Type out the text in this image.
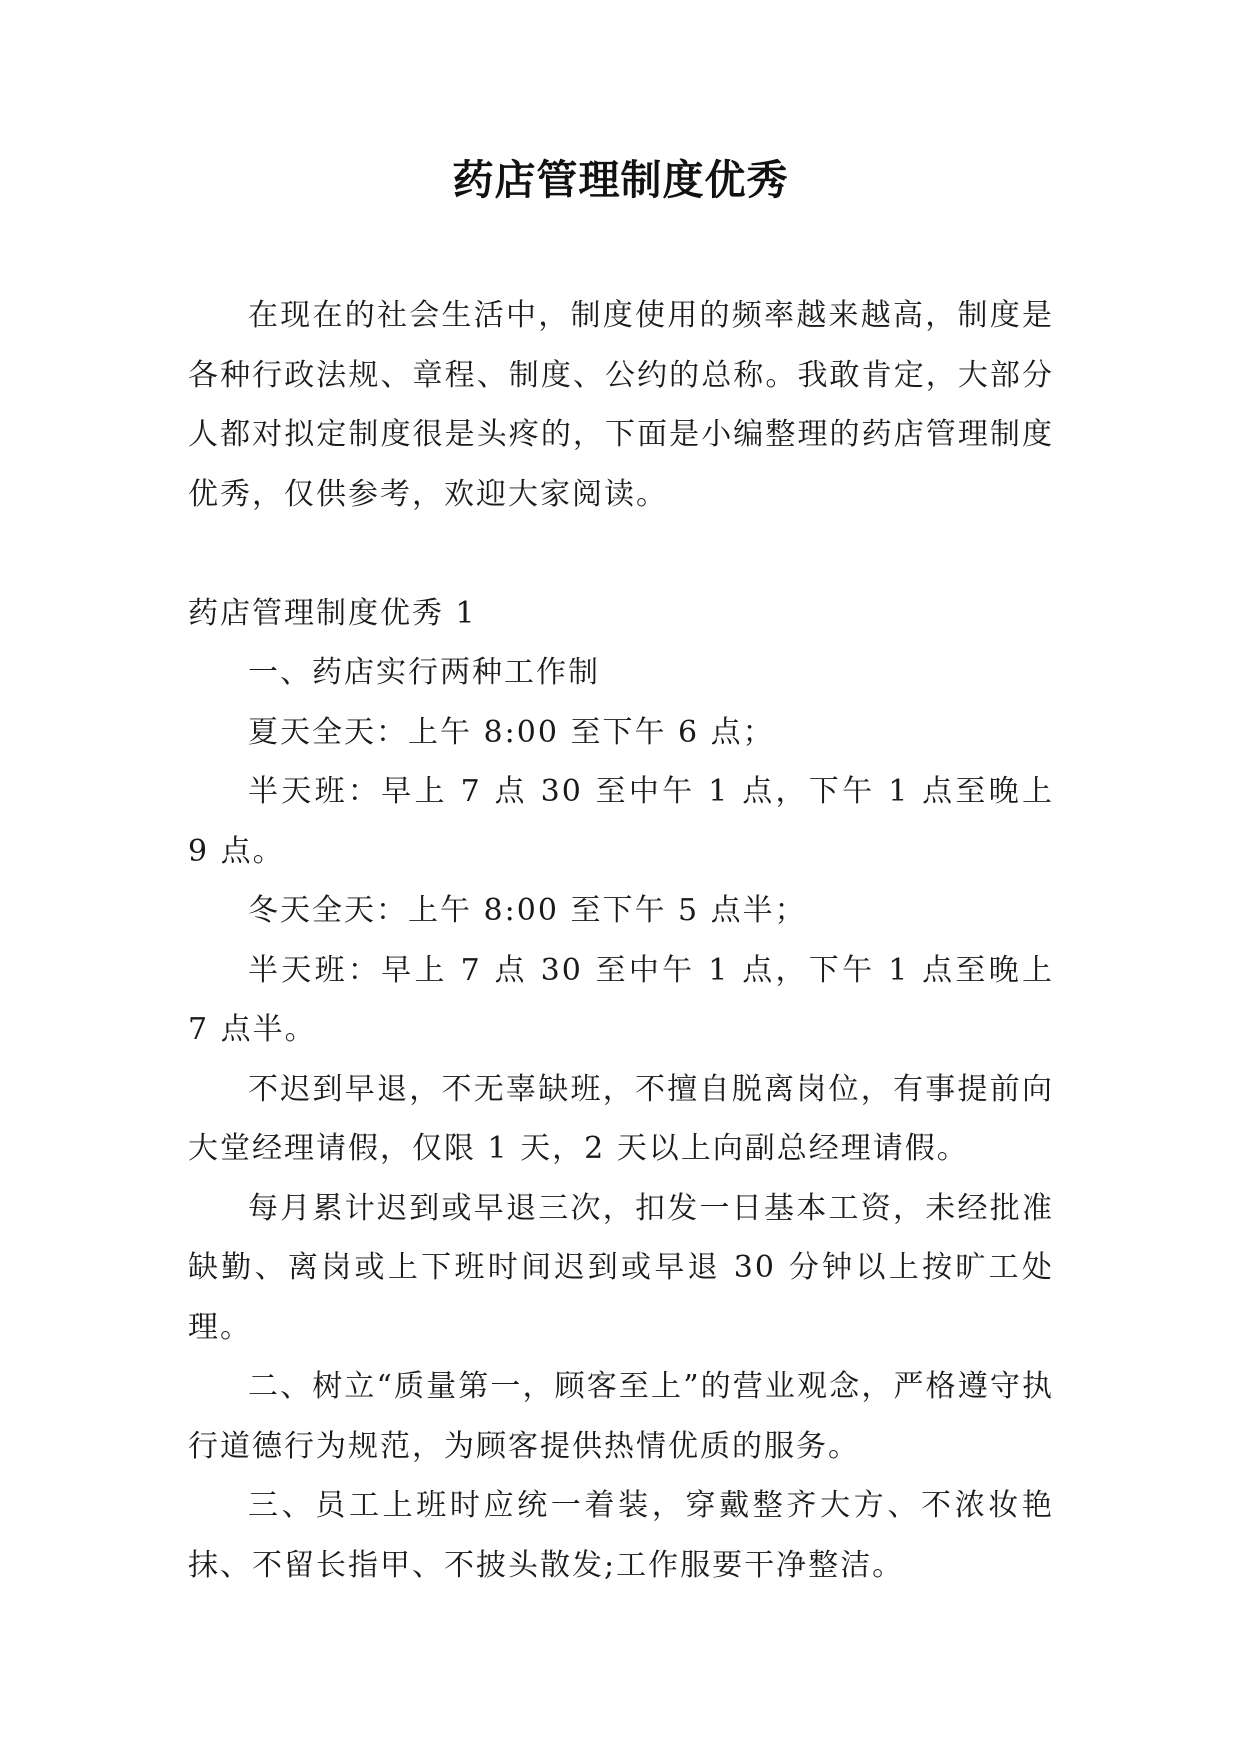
药店管理制度优秀

在现在的社会生活中，制度使用的频率越来越高，制度是各种行政法规、章程、制度、公约的总称。我敢肯定，大部分人都对拟定制度很是头疼的，下面是小编整理的药店管理制度优秀，仅供参考，欢迎大家阅读。

药店管理制度优秀 1

一、药店实行两种工作制

夏天全天：上午 8:00 至下午 6 点；

半天班：早上 7 点 30 至中午 1 点，下午 1 点至晚上 9 点。

冬天全天：上午 8:00 至下午 5 点半；

半天班：早上 7 点 30 至中午 1 点，下午 1 点至晚上 7 点半。

不迟到早退，不无辜缺班，不擅自脱离岗位，有事提前向大堂经理请假，仅限 1 天，2 天以上向副总经理请假。

每月累计迟到或早退三次，扣发一日基本工资，未经批准缺勤、离岗或上下班时间迟到或早退 30 分钟以上按旷工处理。

二、树立“质量第一，顾客至上”的营业观念，严格遵守执行道德行为规范，为顾客提供热情优质的服务。

三、员工上班时应统一着装，穿戴整齐大方、不浓妆艳抹、不留长指甲、不披头散发;工作服要干净整洁。
